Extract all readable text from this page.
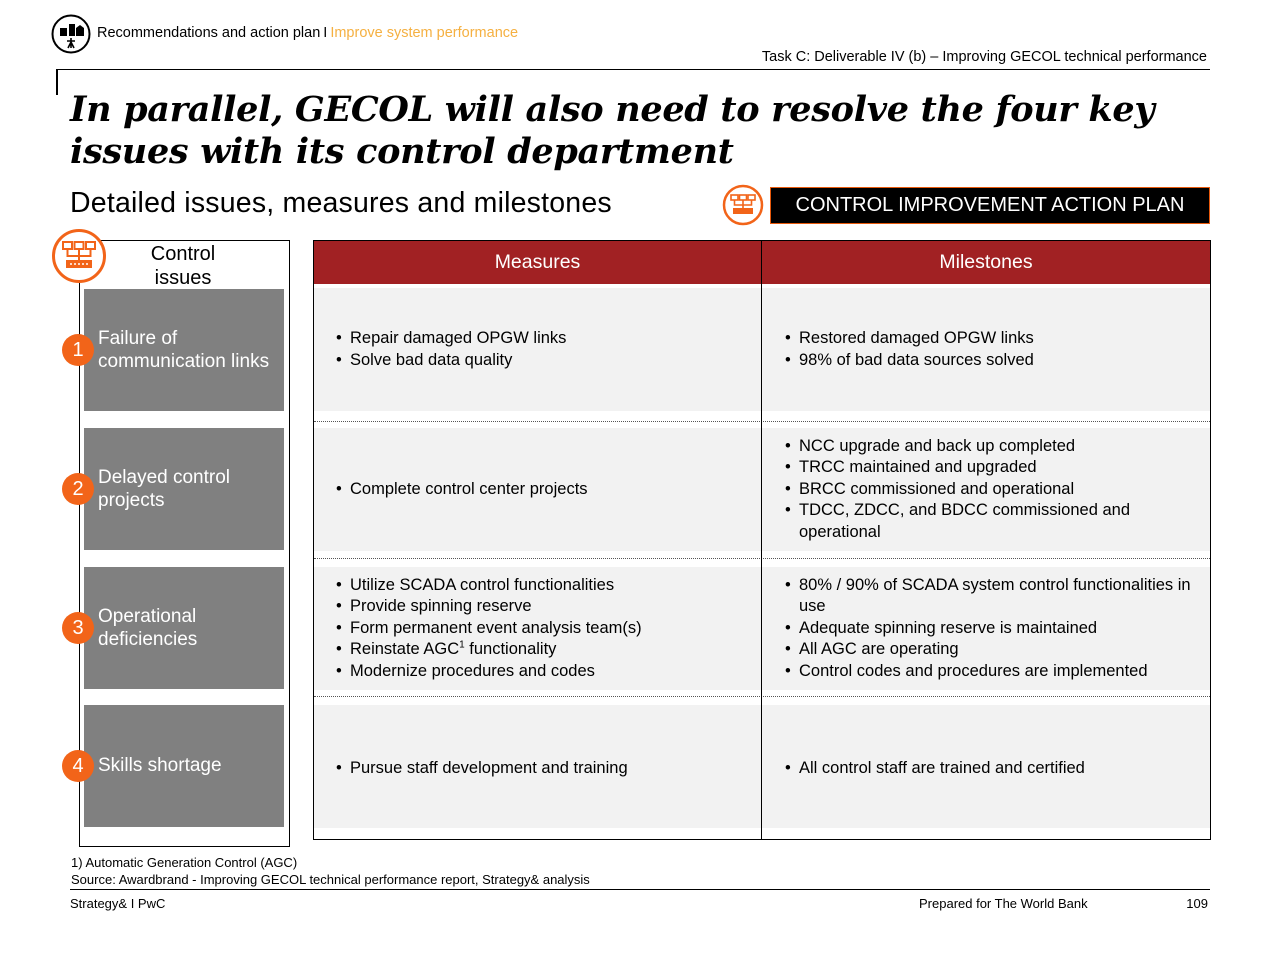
Recommendations and action plan I Improve system performance
Task C: Deliverable IV (b) – Improving GECOL technical performance
In parallel, GECOL will also need to resolve the four key issues with its control department
Detailed issues, measures and milestones	CONTROL IMPROVEMENT ACTION PLAN
Control issues
Failure of communication links
Delayed control projects
Operational deficiencies
Skills shortage
1
2
3
4
Measures	Milestones
• Repair damaged OPGW links
• Solve bad data quality
• Restored damaged OPGW links
• 98% of bad data sources solved
• Complete control center projects
• NCC upgrade and back up completed
• TRCC maintained and upgraded
• BRCC commissioned and operational
• TDCC, ZDCC, and BDCC commissioned and operational
• Utilize SCADA control functionalities
• Provide spinning reserve
• Form permanent event analysis team(s)
• Reinstate AGC$^1$ functionality
• Modernize procedures and codes
• 80% / 90% of SCADA system control functionalities in use
• Adequate spinning reserve is maintained
• All AGC are operating
• Control codes and procedures are implemented
• Pursue staff development and training
•	All control staff are trained and certified
1) Automatic Generation Control (AGC)
Source: Awardbrand - Improving GECOL technical performance report, Strategy& analysis
Strategy& I PwC	Prepared for The World Bank	109
